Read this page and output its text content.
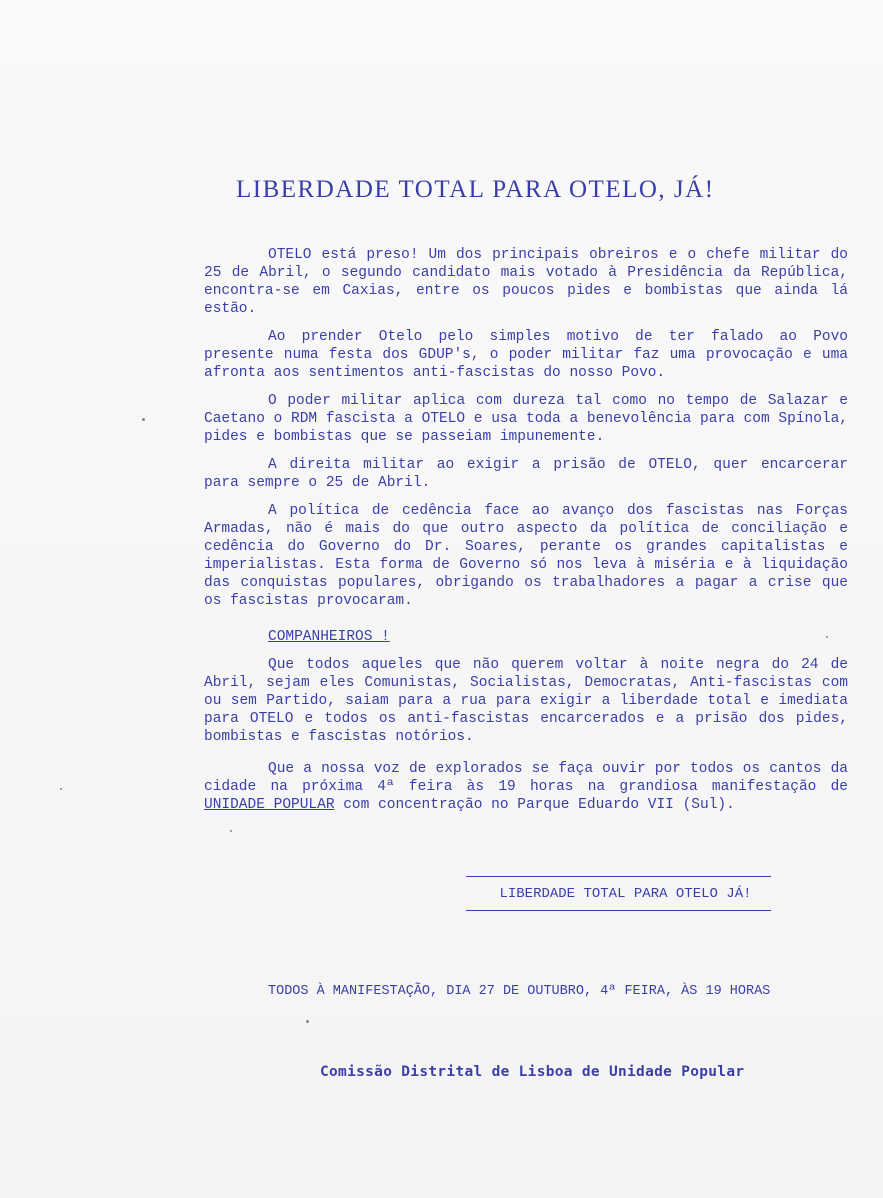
LIBERDADE TOTAL PARA OTELO, JÁ!

OTELO está preso! Um dos principais obreiros e o chefe militar do 25 de Abril, o segundo candidato mais votado à Presidência da República, encontra-se em Caxias, entre os poucos pides e bombistas que ainda lá estão.

Ao prender Otelo pelo simples motivo de ter falado ao Povo presente numa festa dos GDUP's, o poder militar faz uma provocação e uma afronta aos sentimentos anti-fascistas do nosso Povo.

O poder militar aplica com dureza tal como no tempo de Salazar e Caetano o RDM fascista a OTELO e usa toda a benevolência para com Spínola, pides e bombistas que se passeiam impunemente.

A direita militar ao exigir a prisão de OTELO, quer encarcerar para sempre o 25 de Abril.

A política de cedência face ao avanço dos fascistas nas Forças Armadas, não é mais do que outro aspecto da política de conciliação e cedência do Governo do Dr. Soares, perante os grandes capitalistas e imperialistas. Esta forma de Governo só nos leva à miséria e à liquidação das conquistas populares, obrigando os trabalhadores a pagar a crise que os fascistas provocaram.

COMPANHEIROS !

Que todos aqueles que não querem voltar à noite negra do 24 de Abril, sejam eles Comunistas, Socialistas, Democratas, Anti-fascistas com ou sem Partido, saiam para a rua para exigir a liberdade total e imediata para OTELO e todos os anti-fascistas encarcerados e a prisão dos pides, bombistas e fascistas notórios.

Que a nossa voz de explorados se faça ouvir por todos os cantos da cidade na próxima 4ª feira às 19 horas na grandiosa manifestação de UNIDADE POPULAR com concentração no Parque Eduardo VII (Sul).

LIBERDADE TOTAL PARA OTELO JÁ!
TODOS À MANIFESTAÇÃO, DIA 27 DE OUTUBRO, 4ª FEIRA, ÀS 19 HORAS
Comissão Distrital de Lisboa de Unidade Popular
